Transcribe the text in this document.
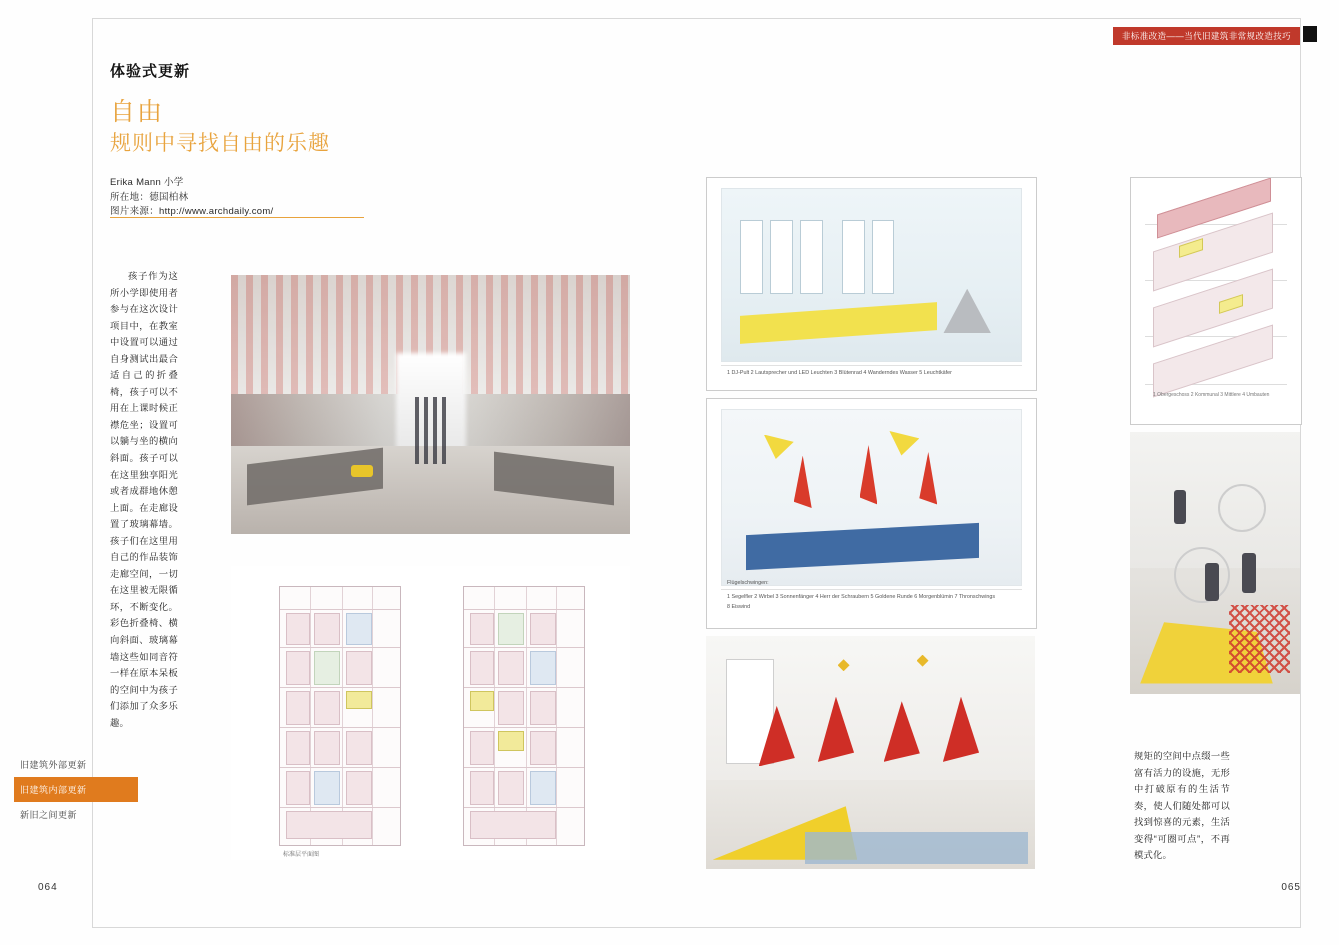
非标准改造——当代旧建筑非常规改造技巧
体验式更新
自由
规则中寻找自由的乐趣
Erika Mann 小学
所在地：德国柏林
图片来源：http://www.archdaily.com/
孩子作为这所小学即使用者参与在这次设计项目中，在教室中设置可以通过自身测试出最合适自己的折叠椅，孩子可以不用在上课时候正襟危坐；设置可以躺与坐的横向斜面。孩子可以在这里独享阳光或者成群地休憩上面。在走廊设置了玻璃幕墙。孩子们在这里用自己的作品装饰走廊空间，一切在这里被无限循环，不断变化。彩色折叠椅、横向斜面、玻璃幕墙这些如同音符一样在原本呆板的空间中为孩子们添加了众多乐趣。
规矩的空间中点缀一些富有活力的设施，无形中打破原有的生活节奏，使人们随处都可以找到惊喜的元素，生活变得“可圈可点”，不再模式化。
标准层平面图
1 DJ-Pult 2 Lautsprecher und LED Leuchten 3 Blütenrad 4 Wanderndes Wasser 5 Leuchtkäfer
Flügelschwingen:
1 Segelfler 2 Wirbel 3 Sonnenfänger 4 Herr der Schraubern 5 Goldene Runde 6 Morgenblümin 7 Thronschwings
8 Eiswind
1 Obergeschoss 2 Kommunal 3 Mittlere 4 Umbauten
旧建筑外部更新
旧建筑内部更新
新旧之间更新
064	065
